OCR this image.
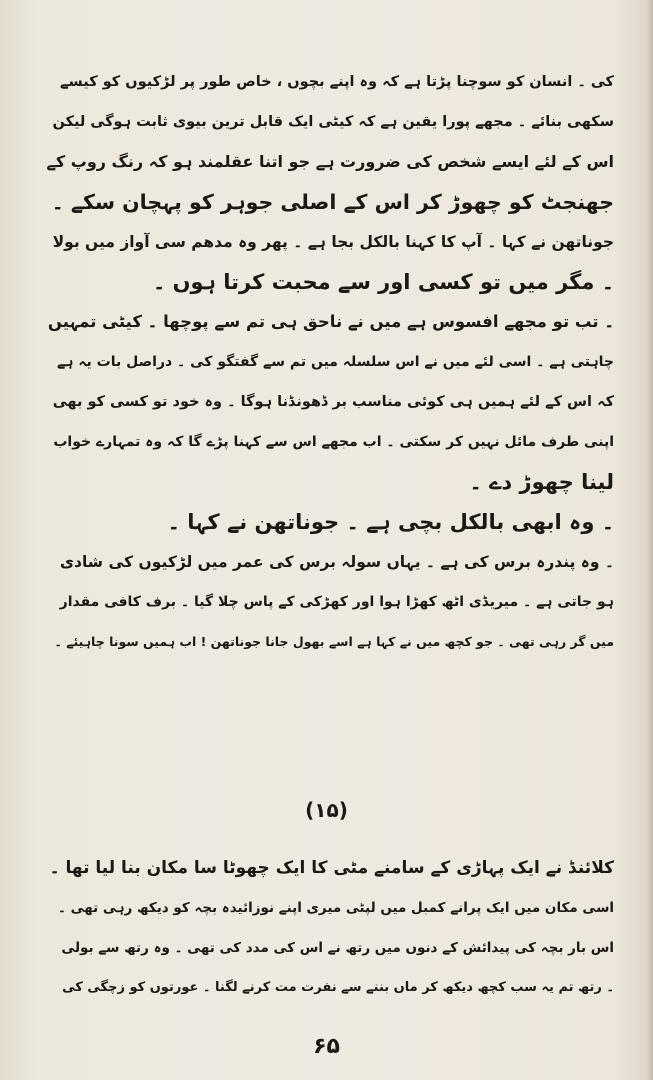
کی ۔ انسان کو سوچنا پڑتا ہے کہ وہ اپنے بچوں ، خاص طور پر لڑکیوں کو کیسے
سکھی بنائے ۔ مجھے پورا یقین ہے کہ کیٹی ایک قابل ترین بیوی ثابت ہوگی لیکن
اس کے لئے ایسے شخص کی ضرورت ہے جو اتنا عقلمند ہو کہ رنگ روپ کے
جھنجٹ کو چھوڑ کر اس کے اصلی جوہر کو پہچان سکے ۔
جوناتھن نے کہا ۔ آپ کا کہنا بالکل بجا ہے ۔ پھر وہ مدھم سی آواز میں بولا
۔ مگر میں تو کسی اور سے محبت کرتا ہوں ۔
۔ تب تو مجھے افسوس ہے میں نے ناحق ہی تم سے پوچھا ۔ کیٹی تمہیں
چاہتی ہے ۔ اسی لئے میں نے اس سلسلہ میں تم سے گفتگو کی ۔ دراصل بات یہ ہے
کہ اس کے لئے ہمیں ہی کوئی مناسب بر ڈھونڈنا ہوگا ۔ وہ خود تو کسی کو بھی
اپنی طرف مائل نہیں کر سکتی ۔ اب مجھے اس سے کہنا پڑے گا کہ وہ تمہارے خواب
لینا چھوڑ دے ۔
۔ وہ ابھی بالکل بچی ہے ۔ جوناتھن نے کہا ۔
۔ وہ پندرہ برس کی ہے ۔ یہاں سولہ برس کی عمر میں لڑکیوں کی شادی
ہو جاتی ہے ۔ میریڈی اٹھ کھڑا ہوا اور کھڑکی کے پاس چلا گیا ۔ برف کافی مقدار
میں گر رہی تھی ۔ جو کچھ میں نے کہا ہے اسے بھول جانا جوناتھن ! اب ہمیں سونا چاہیئے ۔
(۱۵)
کلائنڈ نے ایک پہاڑی کے سامنے مٹی کا ایک چھوٹا سا مکان بنا لیا تھا ۔
اسی مکان میں ایک پرانے کمبل میں لپٹی میری اپنے نوزائیدہ بچہ کو دیکھ رہی تھی ۔
اس بار بچہ کی پیدائش کے دنوں میں رتھ نے اس کی مدد کی تھی ۔ وہ رتھ سے بولی
۔ رتھ تم یہ سب کچھ دیکھ کر ماں بننے سے نفرت مت کرنے لگنا ۔ عورتوں کو زچگی کی
۶۵
